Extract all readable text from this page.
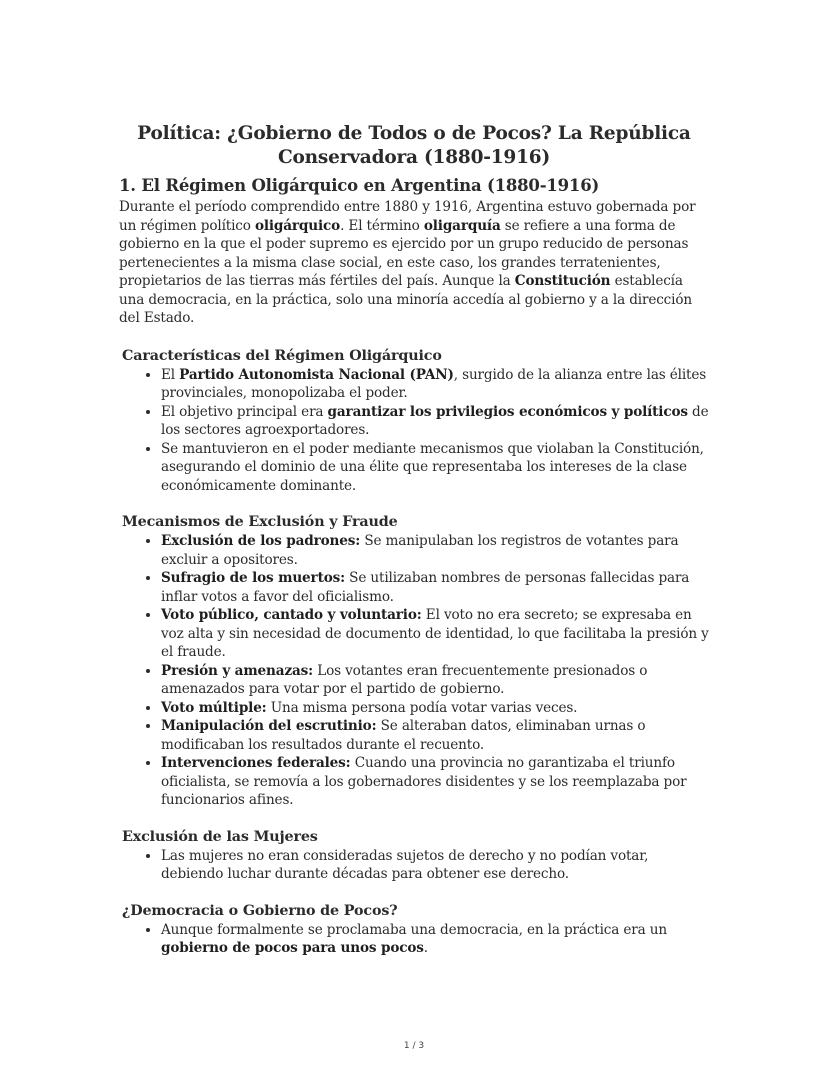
Política: ¿Gobierno de Todos o de Pocos? La República Conservadora (1880-1916)
1. El Régimen Oligárquico en Argentina (1880-1916)

Durante el período comprendido entre 1880 y 1916, Argentina estuvo gobernada por un régimen político oligárquico. El término oligarquía se refiere a una forma de gobierno en la que el poder supremo es ejercido por un grupo reducido de personas pertenecientes a la misma clase social, en este caso, los grandes terratenientes, propietarios de las tierras más fértiles del país. Aunque la Constitución establecía una democracia, en la práctica, solo una minoría accedía al gobierno y a la dirección del Estado.

Características del Régimen Oligárquico
• El Partido Autonomista Nacional (PAN), surgido de la alianza entre las élites provinciales, monopolizaba el poder.
• El objetivo principal era garantizar los privilegios económicos y políticos de los sectores agroexportadores.
• Se mantuvieron en el poder mediante mecanismos que violaban la Constitución, asegurando el dominio de una élite que representaba los intereses de la clase económicamente dominante.
Mecanismos de Exclusión y Fraude
• Exclusión de los padrones: Se manipulaban los registros de votantes para excluir a opositores.
• Sufragio de los muertos: Se utilizaban nombres de personas fallecidas para inflar votos a favor del oficialismo.
• Voto público, cantado y voluntario: El voto no era secreto; se expresaba en voz alta y sin necesidad de documento de identidad, lo que facilitaba la presión y el fraude.
• Presión y amenazas: Los votantes eran frecuentemente presionados o amenazados para votar por el partido de gobierno.
• Voto múltiple: Una misma persona podía votar varias veces.
• Manipulación del escrutinio: Se alteraban datos, eliminaban urnas o modificaban los resultados durante el recuento.
• Intervenciones federales: Cuando una provincia no garantizaba el triunfo oficialista, se removía a los gobernadores disidentes y se los reemplazaba por funcionarios afines.
Exclusión de las Mujeres
• Las mujeres no eran consideradas sujetos de derecho y no podían votar, debiendo luchar durante décadas para obtener ese derecho.
¿Democracia o Gobierno de Pocos?
• Aunque formalmente se proclamaba una democracia, en la práctica era un gobierno de pocos para unos pocos.
1 / 3
